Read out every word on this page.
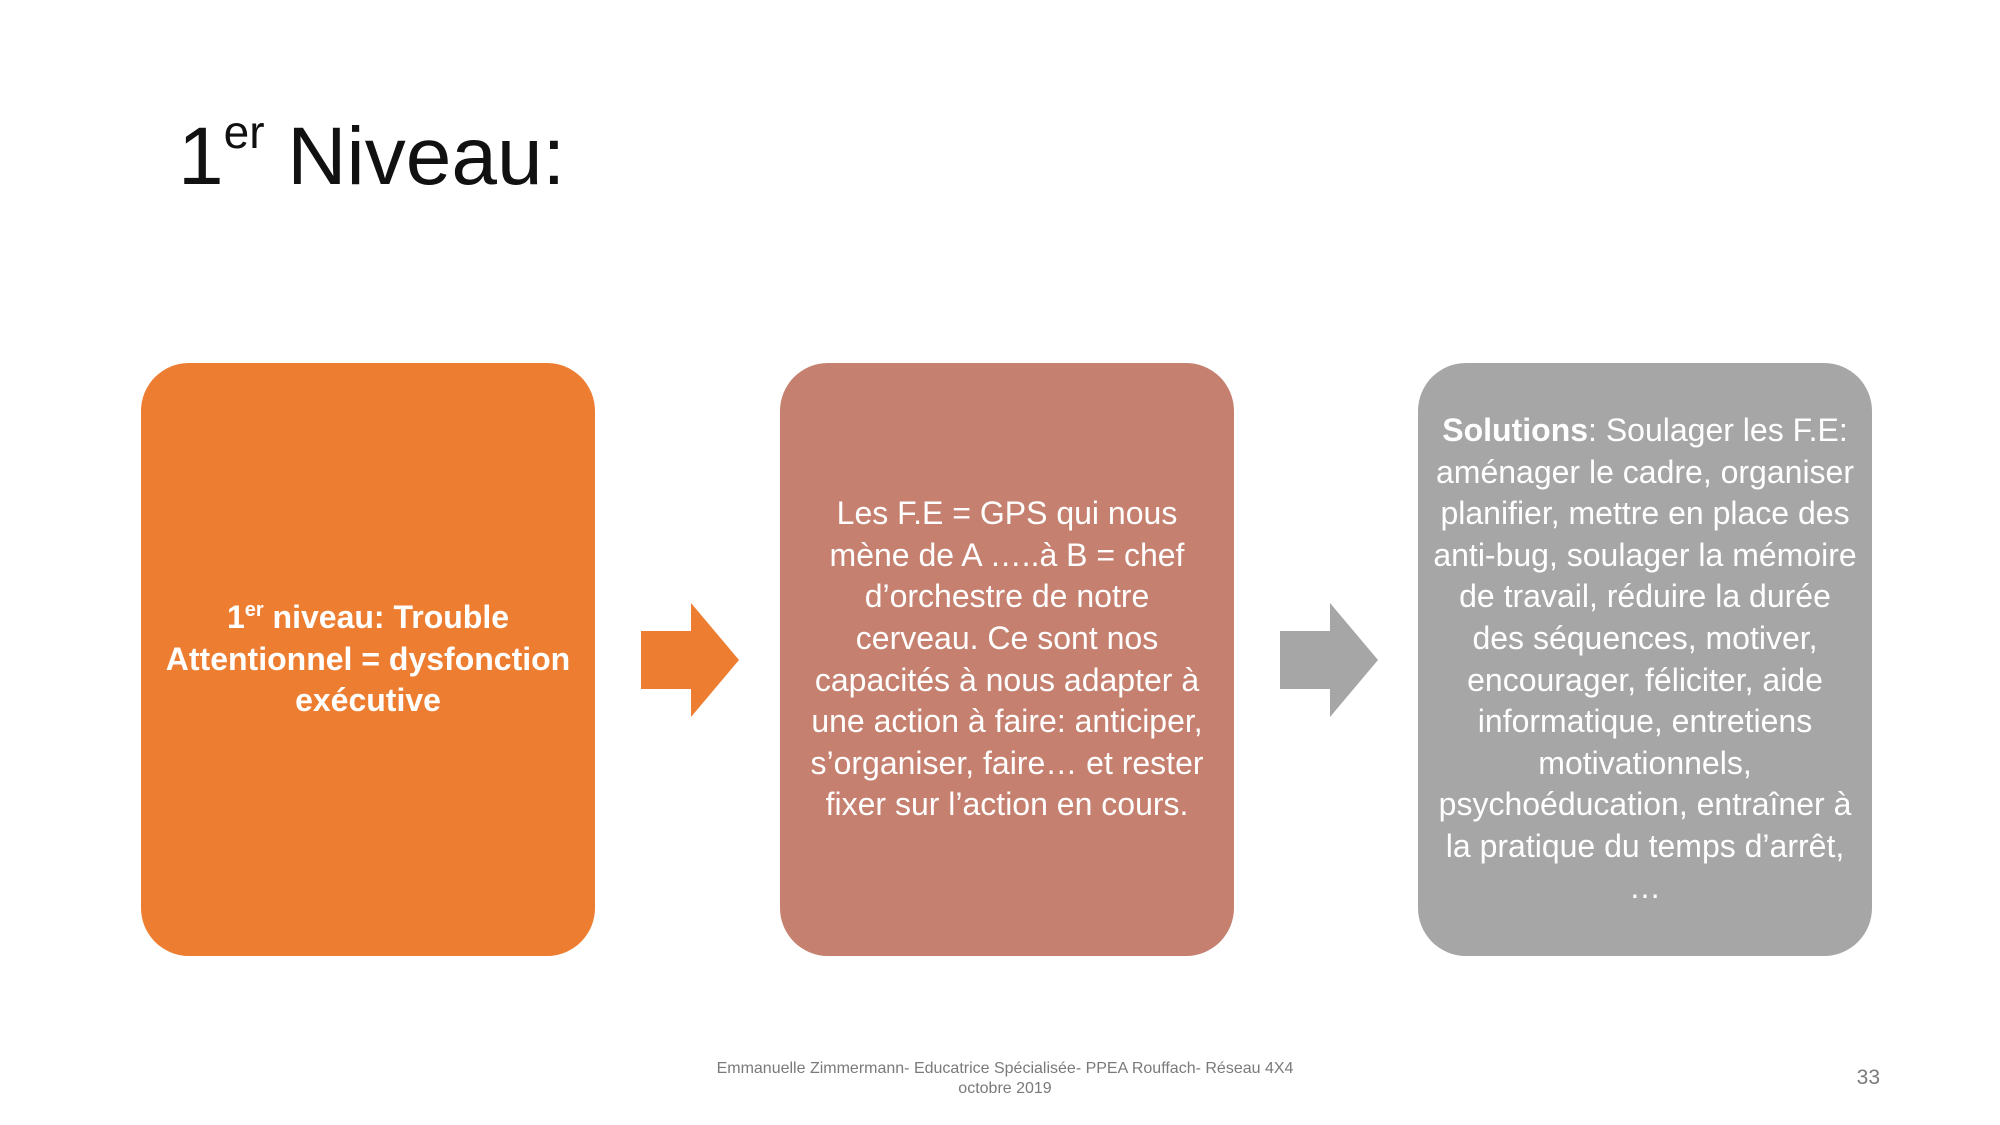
1er Niveau:
1er niveau: Trouble Attentionnel = dysfonction exécutive
Les F.E = GPS qui nous mène de A …..à B = chef d’orchestre de notre cerveau. Ce sont nos capacités à nous adapter à une action à faire: anticiper, s’organiser, faire… et rester fixer sur l’action en cours.
Solutions: Soulager les F.E: aménager le cadre, organiser planifier, mettre en place des anti-bug, soulager la mémoire de travail, réduire la durée des séquences, motiver, encourager, féliciter, aide informatique, entretiens motivationnels, psychoéducation, entraîner à la pratique du temps d’arrêt, …
Emmanuelle Zimmermann- Educatrice Spécialisée- PPEA Rouffach- Réseau 4X4
octobre 2019	33
